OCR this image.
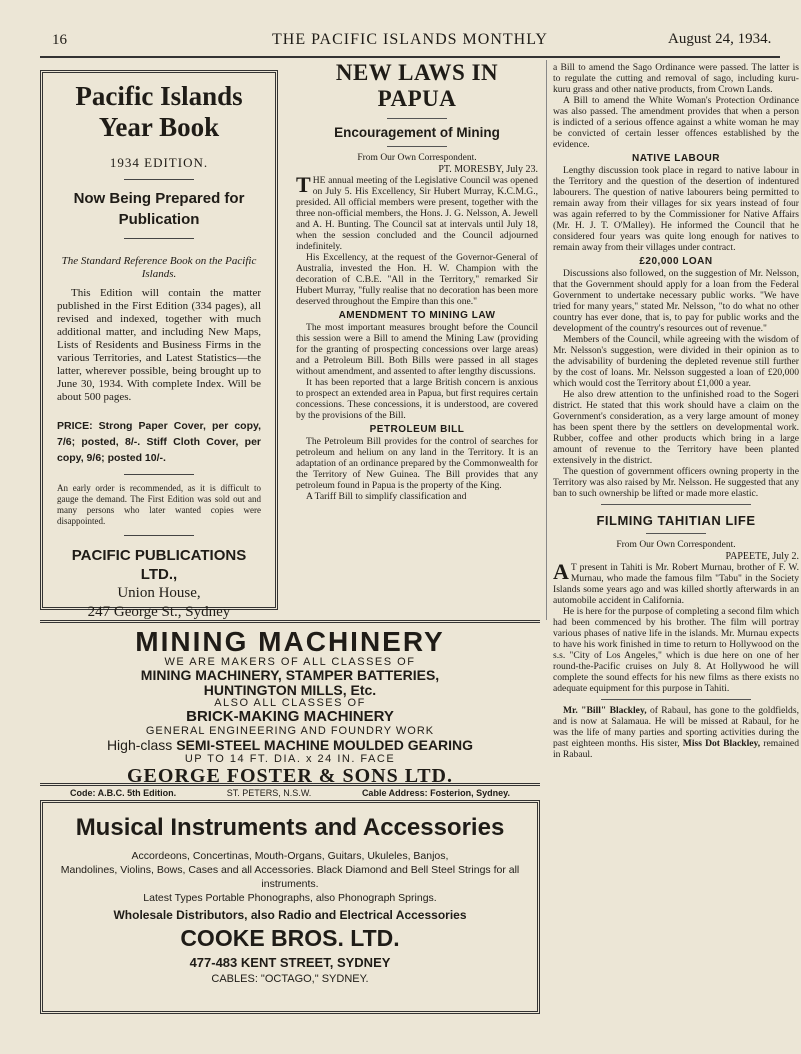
16	THE PACIFIC ISLANDS MONTHLY	August 24, 1934.
Pacific Islands Year Book
1934 EDITION.
Now Being Prepared for Publication
The Standard Reference Book on the Pacific Islands.
This Edition will contain the matter published in the First Edition (334 pages), all revised and indexed, together with much additional matter, and including New Maps, Lists of Residents and Business Firms in the various Territories, and Latest Statistics—the latter, wherever possible, being brought up to June 30, 1934. With complete Index. Will be about 500 pages.
PRICE: Strong Paper Cover, per copy, 7/6; posted, 8/-. Stiff Cloth Cover, per copy, 9/6; posted 10/-.
An early order is recommended, as it is difficult to gauge the demand. The First Edition was sold out and many persons who later wanted copies were disappointed.
PACIFIC PUBLICATIONS LTD.,
Union House,
247 George St., Sydney
NEW LAWS IN PAPUA
Encouragement of Mining
From Our Own Correspondent.
PT. MORESBY, July 23.
THE annual meeting of the Legislative Council was opened on July 5. His Excellency, Sir Hubert Murray, K.C.M.G., presided. All official members were present, together with the three non-official members, the Hons. J. G. Nelsson, A. Jewell and A. H. Bunting. The Council sat at intervals until July 18, when the session concluded and the Council adjourned indefinitely.

His Excellency, at the request of the Governor-General of Australia, invested the Hon. H. W. Champion with the decoration of C.B.E. "All in the Territory," remarked Sir Hubert Murray, "fully realise that no decoration has been more deserved throughout the Empire than this one."

AMENDMENT TO MINING LAW

The most important measures brought before the Council this session were a Bill to amend the Mining Law (providing for the granting of prospecting concessions over large areas) and a Petroleum Bill. Both Bills were passed in all stages without amendment, and assented to after lengthy discussions.

It has been reported that a large British concern is anxious to prospect an extended area in Papua, but first requires certain concessions. These concessions, it is understood, are covered by the provisions of the Bill.

PETROLEUM BILL

The Petroleum Bill provides for the control of searches for petroleum and helium on any land in the Territory. It is an adaptation of an ordinance prepared by the Commonwealth for the Territory of New Guinea. The Bill provides that any petroleum found in Papua is the property of the King.

A Tariff Bill to simplify classification and

a Bill to amend the Sago Ordinance were passed. The latter is to regulate the cutting and removal of sago, including kuru-kuru grass and other native products, from Crown Lands.

A Bill to amend the White Woman's Protection Ordinance was also passed. The amendment provides that when a person is indicted of a serious offence against a white woman he may be convicted of certain lesser offences established by the evidence.

NATIVE LABOUR

Lengthy discussion took place in regard to native labour in the Territory and the question of the desertion of indentured labourers. The question of native labourers being permitted to remain away from their villages for six years instead of four was again referred to by the Commissioner for Native Affairs (Mr. H. J. T. O'Malley). He informed the Council that he considered four years was quite long enough for natives to remain away from their villages under contract.

£20,000 LOAN

Discussions also followed, on the suggestion of Mr. Nelsson, that the Government should apply for a loan from the Federal Government to undertake necessary public works. "We have tried for many years," stated Mr. Nelsson, "to do what no other country has ever done, that is, to pay for public works and the development of the country's resources out of revenue."

Members of the Council, while agreeing with the wisdom of Mr. Nelsson's suggestion, were divided in their opinion as to the advisability of burdening the depleted revenue still further by the cost of loans. Mr. Nelsson suggested a loan of £20,000 which would cost the Territory about £1,000 a year.

He also drew attention to the unfinished road to the Sogeri district. He stated that this work should have a claim on the Government's consideration, as a very large amount of money has been spent there by the settlers on developmental work. Rubber, coffee and other products which bring in a large amount of revenue to the Territory have been planted extensively in the district.

The question of government officers owning property in the Territory was also raised by Mr. Nelsson. He suggested that any ban to such ownership be lifted or made more elastic.

FILMING TAHITIAN LIFE
From Our Own Correspondent.
PAPEETE, July 2.
A T present in Tahiti is Mr. Robert Murnau, brother of F. W. Murnau, who made the famous film "Tabu" in the Society Islands some years ago and was killed shortly afterwards in an automobile accident in California.

He is here for the purpose of completing a second film which had been commenced by his brother. The film will portray various phases of native life in the islands. Mr. Murnau expects to have his work finished in time to return to Hollywood on the s.s. "City of Los Angeles," which is due here on one of her round-the-Pacific cruises on July 8. At Hollywood he will complete the sound effects for his new films as there exists no adequate equipment for this purpose in Tahiti.

Mr. "Bill" Blackley, of Rabaul, has gone to the goldfields, and is now at Salamaua. He will be missed at Rabaul, for he was the life of many parties and sporting activities during the past eighteen months. His sister, Miss Dot Blackley, remained in Rabaul.

MINING MACHINERY
WE ARE MAKERS OF ALL CLASSES OF
MINING MACHINERY, STAMPER BATTERIES,
HUNTINGTON MILLS, Etc.
ALSO ALL CLASSES OF
BRICK-MAKING MACHINERY
GENERAL ENGINEERING AND FOUNDRY WORK
High-class SEMI-STEEL MACHINE MOULDED GEARING
UP TO 14 FT. DIA. x 24 IN. FACE
GEORGE FOSTER & SONS LTD.
Code: A.B.C. 5th Edition.	ST. PETERS, N.S.W.	Cable Address: Fosterion, Sydney.
Musical Instruments and Accessories
Accordeons, Concertinas, Mouth-Organs, Guitars, Ukuleles, Banjos,
Mandolines, Violins, Bows, Cases and all Accessories. Black Diamond and Bell Steel Strings for all instruments.
Latest Types Portable Phonographs, also Phonograph Springs.
Wholesale Distributors, also Radio and Electrical Accessories
COOKE BROS. LTD.
477-483 KENT STREET, SYDNEY
CABLES: "OCTAGO," SYDNEY.
